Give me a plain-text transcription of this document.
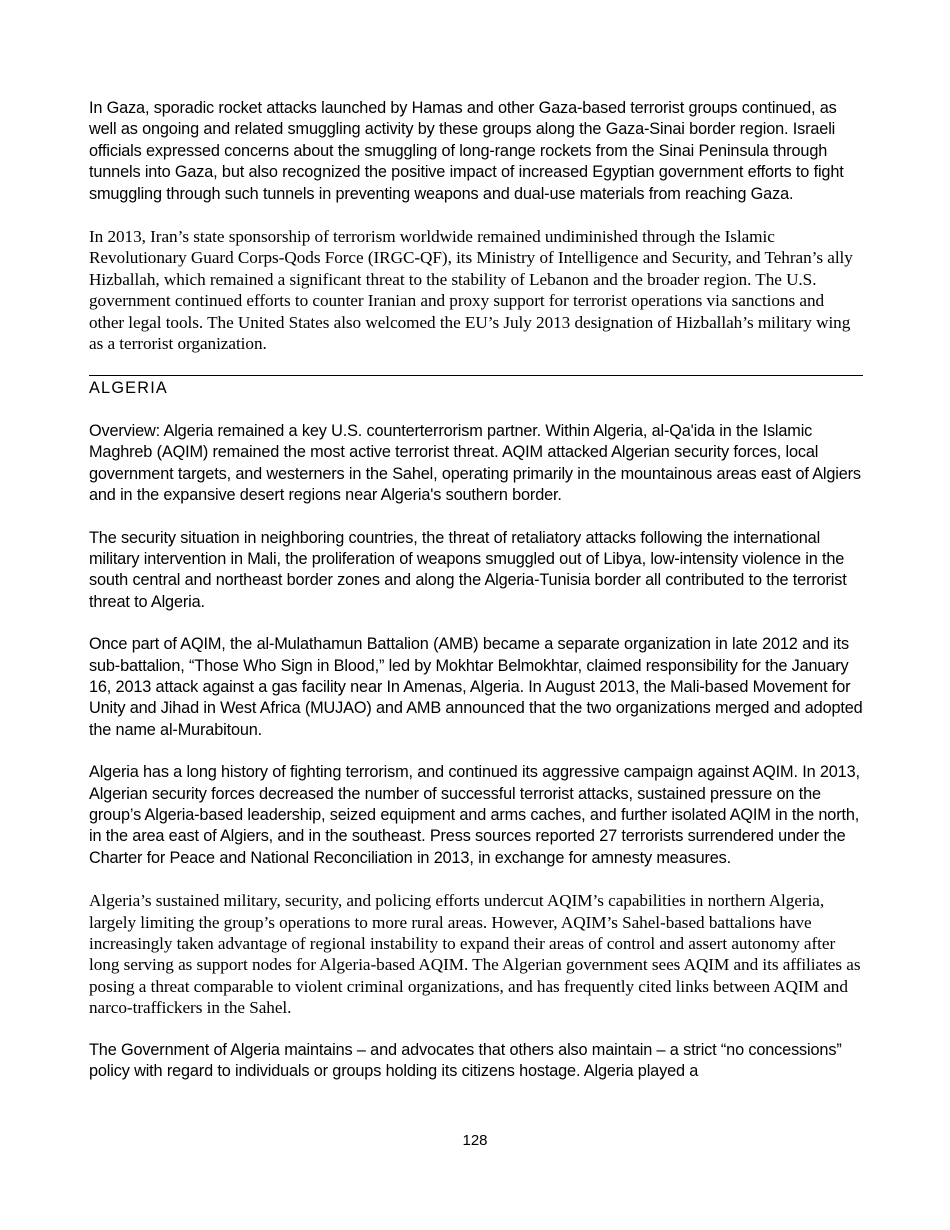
In Gaza, sporadic rocket attacks launched by Hamas and other Gaza-based terrorist groups continued, as well as ongoing and related smuggling activity by these groups along the Gaza-Sinai border region. Israeli officials expressed concerns about the smuggling of long-range rockets from the Sinai Peninsula through tunnels into Gaza, but also recognized the positive impact of increased Egyptian government efforts to fight smuggling through such tunnels in preventing weapons and dual-use materials from reaching Gaza.

In 2013, Iran’s state sponsorship of terrorism worldwide remained undiminished through the Islamic Revolutionary Guard Corps-Qods Force (IRGC-QF), its Ministry of Intelligence and Security, and Tehran’s ally Hizballah, which remained a significant threat to the stability of Lebanon and the broader region. The U.S. government continued efforts to counter Iranian and proxy support for terrorist operations via sanctions and other legal tools. The United States also welcomed the EU’s July 2013 designation of Hizballah’s military wing as a terrorist organization.

ALGERIA

Overview: Algeria remained a key U.S. counterterrorism partner. Within Algeria, al-Qa'ida in the Islamic Maghreb (AQIM) remained the most active terrorist threat. AQIM attacked Algerian security forces, local government targets, and westerners in the Sahel, operating primarily in the mountainous areas east of Algiers and in the expansive desert regions near Algeria's southern border.

The security situation in neighboring countries, the threat of retaliatory attacks following the international military intervention in Mali, the proliferation of weapons smuggled out of Libya, low-intensity violence in the south central and northeast border zones and along the Algeria-Tunisia border all contributed to the terrorist threat to Algeria.

Once part of AQIM, the al-Mulathamun Battalion (AMB) became a separate organization in late 2012 and its sub-battalion, “Those Who Sign in Blood,” led by Mokhtar Belmokhtar, claimed responsibility for the January 16, 2013 attack against a gas facility near In Amenas, Algeria. In August 2013, the Mali-based Movement for Unity and Jihad in West Africa (MUJAO) and AMB announced that the two organizations merged and adopted the name al-Murabitoun.

Algeria has a long history of fighting terrorism, and continued its aggressive campaign against AQIM. In 2013, Algerian security forces decreased the number of successful terrorist attacks, sustained pressure on the group’s Algeria-based leadership, seized equipment and arms caches, and further isolated AQIM in the north, in the area east of Algiers, and in the southeast. Press sources reported 27 terrorists surrendered under the Charter for Peace and National Reconciliation in 2013, in exchange for amnesty measures.

Algeria’s sustained military, security, and policing efforts undercut AQIM’s capabilities in northern Algeria, largely limiting the group’s operations to more rural areas. However, AQIM’s Sahel-based battalions have increasingly taken advantage of regional instability to expand their areas of control and assert autonomy after long serving as support nodes for Algeria-based AQIM. The Algerian government sees AQIM and its affiliates as posing a threat comparable to violent criminal organizations, and has frequently cited links between AQIM and narco-traffickers in the Sahel.

The Government of Algeria maintains – and advocates that others also maintain – a strict “no concessions” policy with regard to individuals or groups holding its citizens hostage. Algeria played a

128
